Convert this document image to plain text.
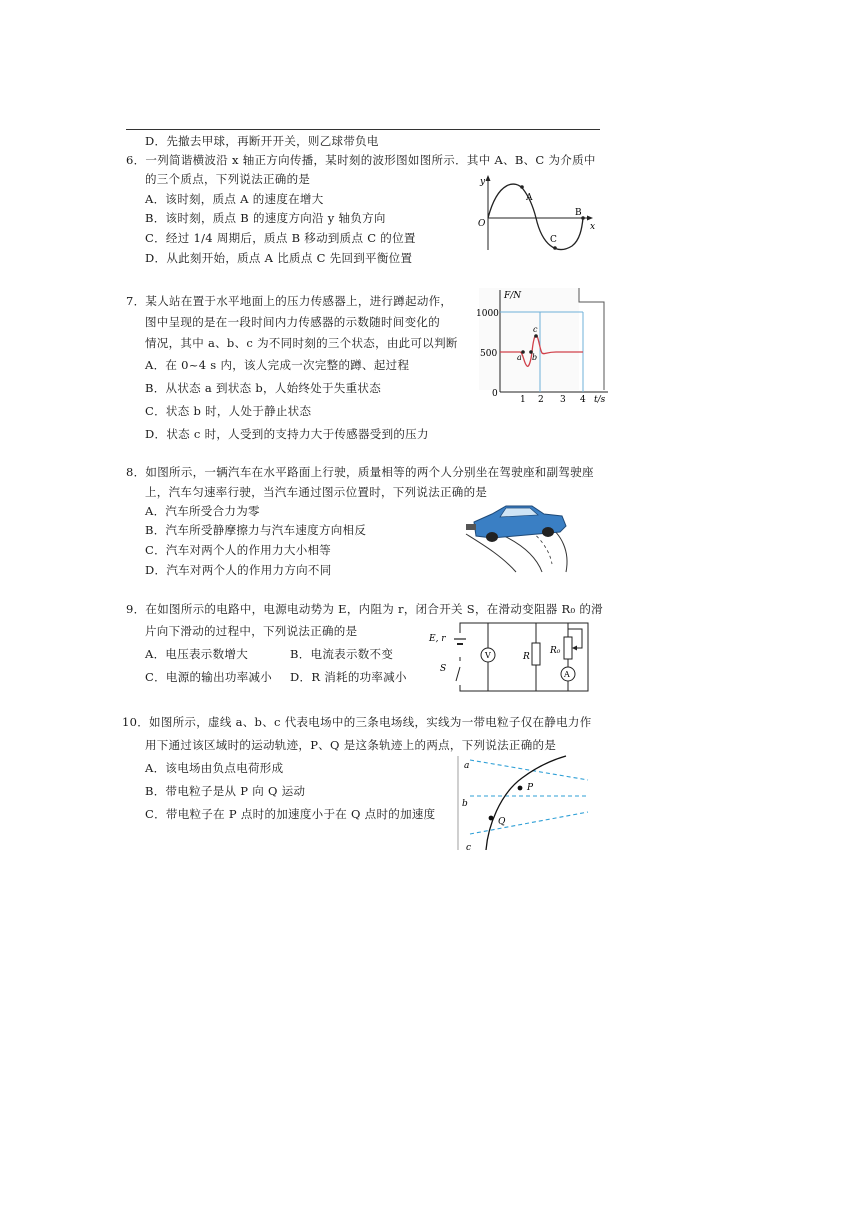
D．先撤去甲球，再断开开关，则乙球带负电
6．一列简谐横波沿 x 轴正方向传播，某时刻的波形图如图所示．其中 A、B、C 为介质中
的三个质点，下列说法正确的是
A．该时刻，质点 A 的速度在增大
B．该时刻，质点 B 的速度方向沿 y 轴负方向
C．经过 1/4 周期后，质点 B 移动到质点 C 的位置
D．从此刻开始，质点 A 比质点 C 先回到平衡位置
y
x
O
A
B
C
7．某人站在置于水平地面上的压力传感器上，进行蹲起动作，
图中呈现的是在一段时间内力传感器的示数随时间变化的
情况，其中 a、b、c 为不同时刻的三个状态，由此可以判断
A．在 0~4 s 内，该人完成一次完整的蹲、起过程
B．从状态 a 到状态 b，人始终处于失重状态
C．状态 b 时，人处于静止状态
D．状态 c 时，人受到的支持力大于传感器受到的压力
F/N
1000
500
0
1 2 3 4 t/s
a b
c
8．如图所示，一辆汽车在水平路面上行驶，质量相等的两个人分别坐在驾驶座和副驾驶座
上，汽车匀速率行驶，当汽车通过图示位置时，下列说法正确的是
A．汽车所受合力为零
B．汽车所受静摩擦力与汽车速度方向相反
C．汽车对两个人的作用力大小相等
D．汽车对两个人的作用力方向不同
9．在如图所示的电路中，电源电动势为 E，内阻为 r，闭合开关 S，在滑动变阻器 R₀ 的滑
片向下滑动的过程中，下列说法正确的是
A．电压表示数增大	B．电流表示数不变
C．电源的输出功率减小 D．R 消耗的功率减小
E, r
S
V
A
R
R₀
10．如图所示，虚线 a、b、c 代表电场中的三条电场线，实线为一带电粒子仅在静电力作
用下通过该区域时的运动轨迹，P、Q 是这条轨迹上的两点，下列说法正确的是
A．该电场由负点电荷形成
B．带电粒子是从 P 向 Q 运动
C．带电粒子在 P 点时的加速度小于在 Q 点时的加速度
a
b
c
P
Q
